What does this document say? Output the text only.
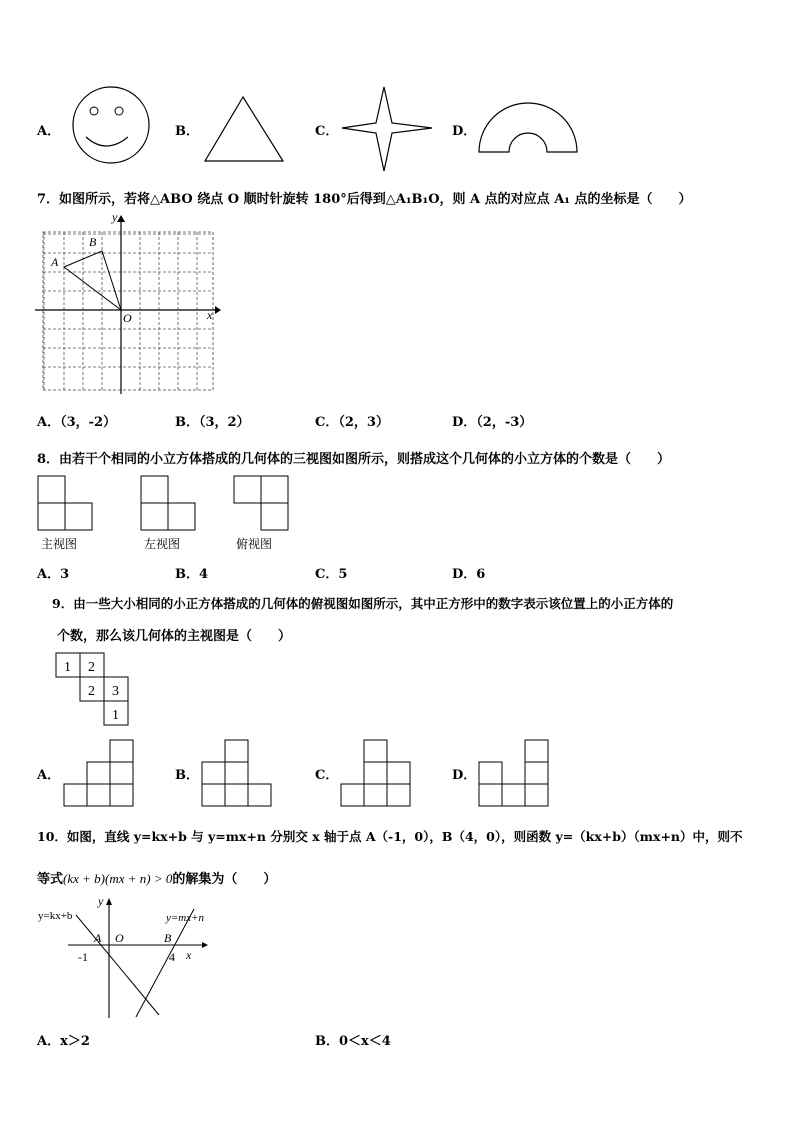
A．	B．	C．	D．
7．如图所示，若将△ABO 绕点 O 顺时针旋转 180°后得到△A₁B₁O，则 A 点的对应点 A₁ 点的坐标是（　　）
y
x
O
A
B
A．（3，-2）	B．（3，2）	C．（2，3）	D．（2，-3）
8．由若干个相同的小立方体搭成的几何体的三视图如图所示，则搭成这个几何体的小立方体的个数是（　　）
主视图	左视图	俯视图
A．3	B．4	C．5	D．6
9．由一些大小相同的小正方体搭成的几何体的俯视图如图所示，其中正方形中的数字表示该位置上的小正方体的
个数，那么该几何体的主视图是（　　）
1 2
2 3
1
A．	B．	C．	D．
10．如图，直线 y=kx+b 与 y=mx+n 分别交 x 轴于点 A（-1，0），B（4，0），则函数 y=（kx+b）（mx+n）中，则不
等式(kx + b)(mx + n) > 0的解集为（　　）
y=kx+b	y=mx+n
y
x
A O	B
-1	4
A．x＞2	B．0＜x＜4
